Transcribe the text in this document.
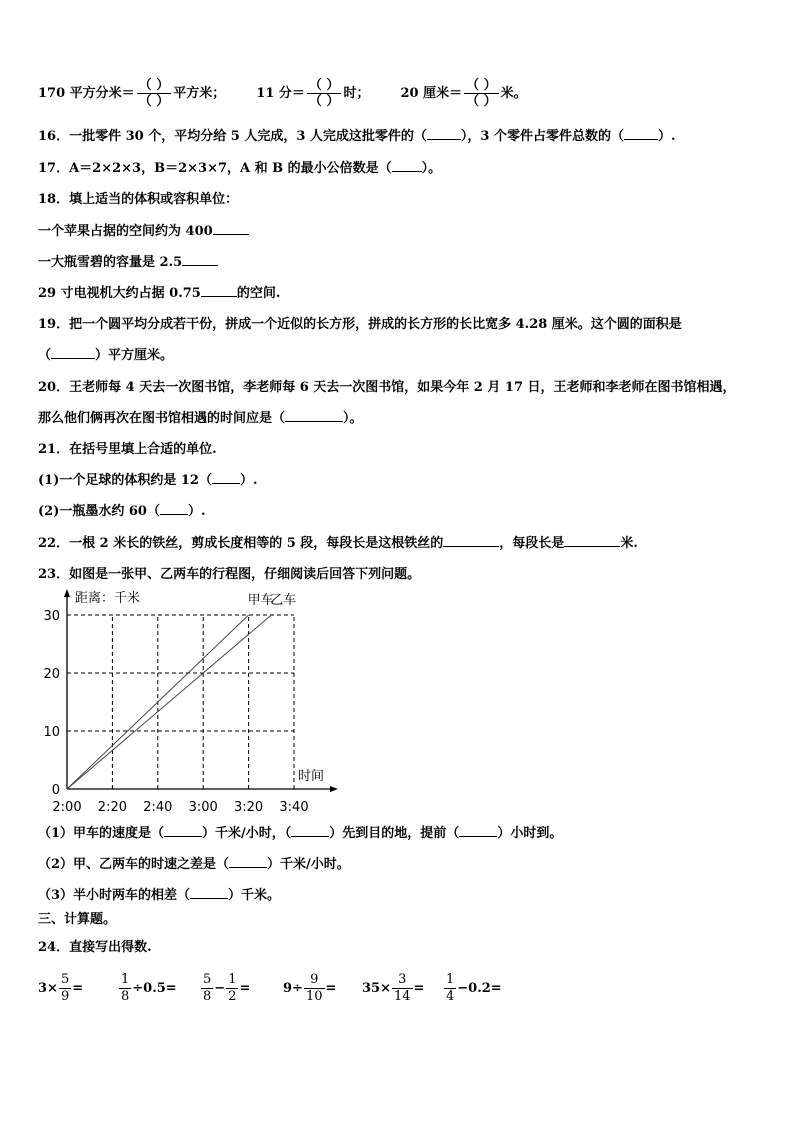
170 平方分米＝ $\frac{( )}{( )}$ 平方米； 11 分＝ $\frac{( )}{( )}$ 时； 20 厘米＝ $\frac{( )}{( )}$ 米。
16．一批零件 30 个，平均分给 5 人完成，3 人完成这批零件的（	），3 个零件占零件总数的（	）.
17．A＝2×2×3，B＝2×3×7，A 和 B 的最小公倍数是（ ）。
18．填上适当的体积或容积单位：
一个苹果占据的空间约为 400
一大瓶雪碧的容量是 2.5
29 寸电视机大约占据 0.75	的空间.
19．把一个圆平均分成若干份，拼成一个近似的长方形，拼成的长方形的长比宽多 4.28 厘米。这个圆的面积是
（	）平方厘米。
20．王老师每 4 天去一次图书馆，李老师每 6 天去一次图书馆，如果今年 2 月 17 日，王老师和李老师在图书馆相遇，
那么他们俩再次在图书馆相遇的时间应是（	）。
21．在括号里填上合适的单位.
(1)一个足球的体积约是 12（ ）.
(2)一瓶墨水约 60（ ）.
22．一根 2 米长的铁丝，剪成长度相等的 5 段，每段长是这根铁丝的	，每段长是	米.
23．如图是一张甲、乙两车的行程图，仔细阅读后回答下列问题。
0
10
20
30
2:00 2:20 2:40 3:00 3:20 3:40
甲车
乙车
距离：千米
时间
（1）甲车的速度是（	）千米/小时，（	）先到目的地，提前（	）小时到。
（2）甲、乙两车的时速之差是（	）千米/小时。
（3）半小时两车的相差（	）千米。
三、计算题。
24．直接写出得数.
$3\times \frac{5}{9}$ =	$\frac{1}{8} \div 0.5= \frac{5}{8} - \frac{1}{2}$ =	$9\div \frac{9}{10} = 35\times \frac{3}{14} = \frac{1}{4} -0.2=$
